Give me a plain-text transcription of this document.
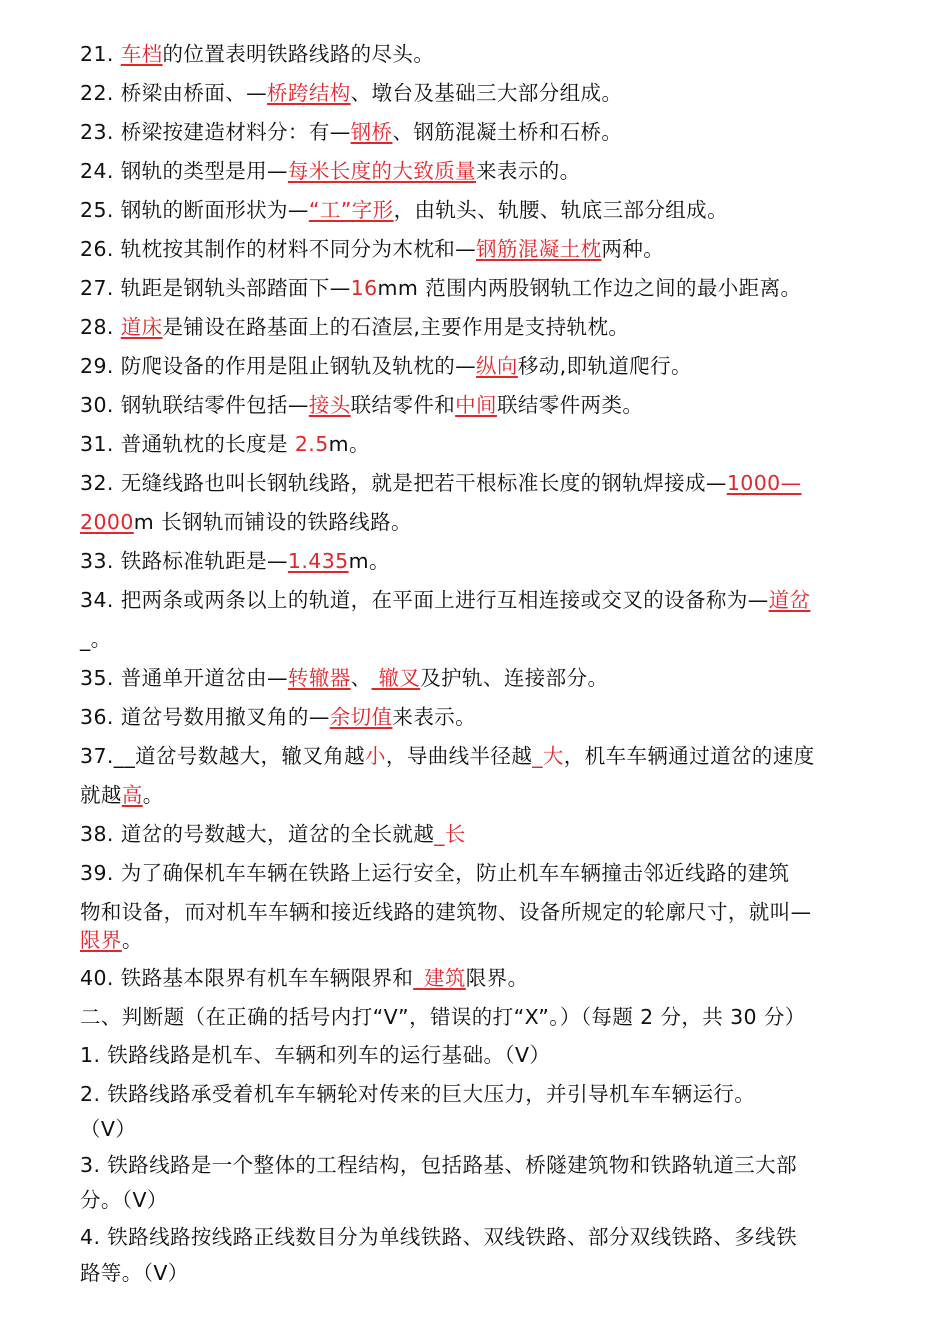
21. 车档的位置表明铁路线路的尽头。
22. 桥梁由桥面、—桥跨结构、墩台及基础三大部分组成。
23. 桥梁按建造材料分：有—钢桥、钢筋混凝土桥和石桥。
24. 钢轨的类型是用—每米长度的大致质量来表示的。
25. 钢轨的断面形状为—“工”字形，由轨头、轨腰、轨底三部分组成。
26. 轨枕按其制作的材料不同分为木枕和—钢筋混凝土枕两种。
27. 轨距是钢轨头部踏面下—16mm 范围内两股钢轨工作边之间的最小距离。
28. 道床是铺设在路基面上的石渣层,主要作用是支持轨枕。
29. 防爬设备的作用是阻止钢轨及轨枕的—纵向移动,即轨道爬行。
30. 钢轨联结零件包括—接头联结零件和中间联结零件两类。
31. 普通轨枕的长度是 2.5m。
32. 无缝线路也叫长钢轨线路，就是把若干根标准长度的钢轨焊接成—1000—
2000m 长钢轨而铺设的铁路线路。
33. 铁路标准轨距是—1.435m。
34. 把两条或两条以上的轨道，在平面上进行互相连接或交叉的设备称为—道岔
_。
35. 普通单开道岔由—转辙器、 辙叉及护轨、连接部分。
36. 道岔号数用撤叉角的—余切值来表示。
37.__道岔号数越大，辙叉角越小，导曲线半径越_大，机车车辆通过道岔的速度
就越高。
38. 道岔的号数越大，道岔的全长就越_长
39. 为了确保机车车辆在铁路上运行安全，防止机车车辆撞击邻近线路的建筑
物和设备，而对机车车辆和接近线路的建筑物、设备所规定的轮廓尺寸，就叫—
限界。
40. 铁路基本限界有机车车辆限界和_建筑限界。
二、判断题（在正确的括号内打“V”，错误的打“X”。）（每题 2 分，共 30 分）
1. 铁路线路是机车、车辆和列车的运行基础。（V）
2. 铁路线路承受着机车车辆轮对传来的巨大压力，并引导机车车辆运行。
（V）
3. 铁路线路是一个整体的工程结构，包括路基、桥隧建筑物和铁路轨道三大部
分。（V）
4. 铁路线路按线路正线数目分为单线铁路、双线铁路、部分双线铁路、多线铁
路等。（V）
